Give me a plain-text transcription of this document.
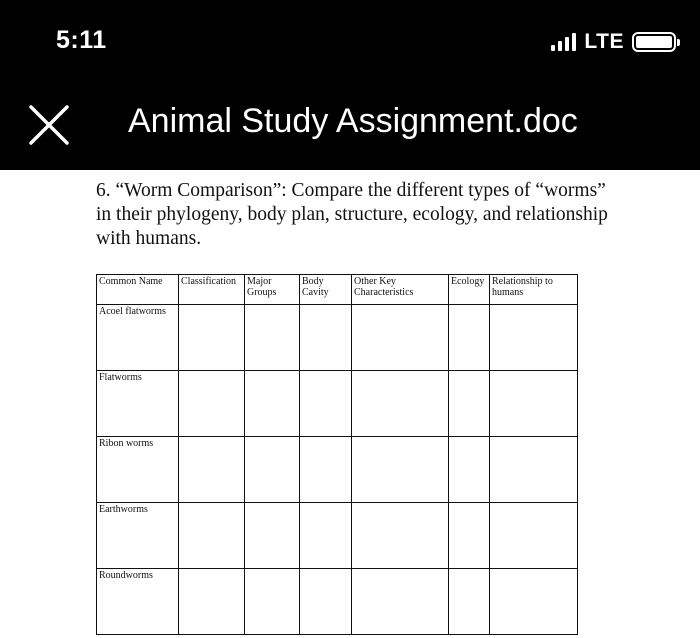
5:11	LTE
Animal Study Assignment.doc
6. “Worm Comparison”: Compare the different types of “worms” in their phylogeny, body plan, structure, ecology, and relationship with humans.
Common Name	Classification	Major Groups	Body Cavity	Other Key Characteristics	Ecology	Relationship to humans
Acoel flatworms						
Flatworms						
Ribon worms						
Earthworms						
Roundworms						
